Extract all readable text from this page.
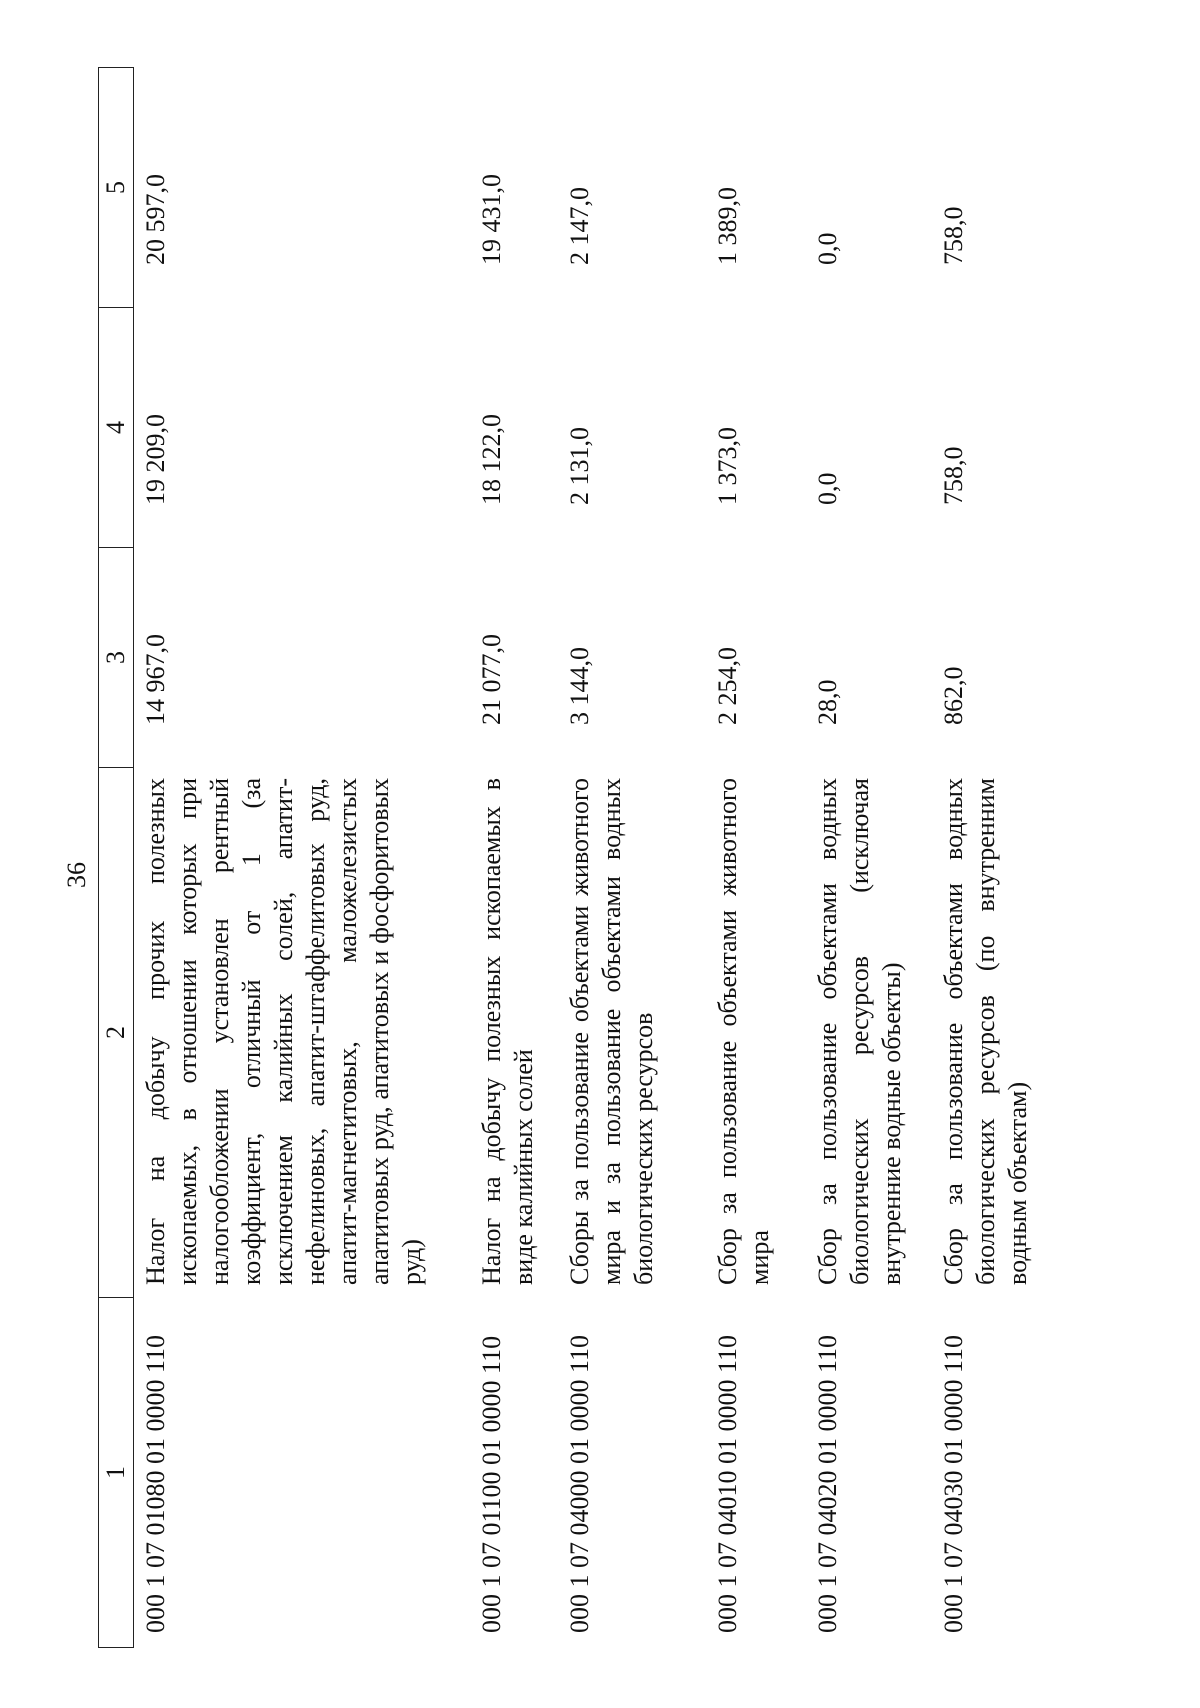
36
1	2	3	4	5
000 1 07 01080 01 0000 110	Налог на добычу прочих полезных ископаемых, в отношении которых при налогообложении установлен рентный коэффициент, отличный от 1 (за исключением калийных солей, апатит-нефелиновых, апатит-штаффелитовых руд, апатит-магнетитовых, маложелезистых апатитовых руд, апатитовых и фосфоритовых руд)	14 967,0	19 209,0	20 597,0
000 1 07 01100 01 0000 110	Налог на добычу полезных ископаемых в виде калийных солей	21 077,0	18 122,0	19 431,0
000 1 07 04000 01 0000 110	Сборы за пользование объектами животного мира и за пользование объектами водных биологических ресурсов	3 144,0	2 131,0	2 147,0
000 1 07 04010 01 0000 110	Сбор за пользование объектами животного мира	2 254,0	1 373,0	1 389,0
000 1 07 04020 01 0000 110	Сбор за пользование объектами водных биологических ресурсов (исключая внутренние водные объекты)	28,0	0,0	0,0
000 1 07 04030 01 0000 110	Сбор за пользование объектами водных биологических ресурсов (по внутренним водным объектам)	862,0	758,0	758,0
